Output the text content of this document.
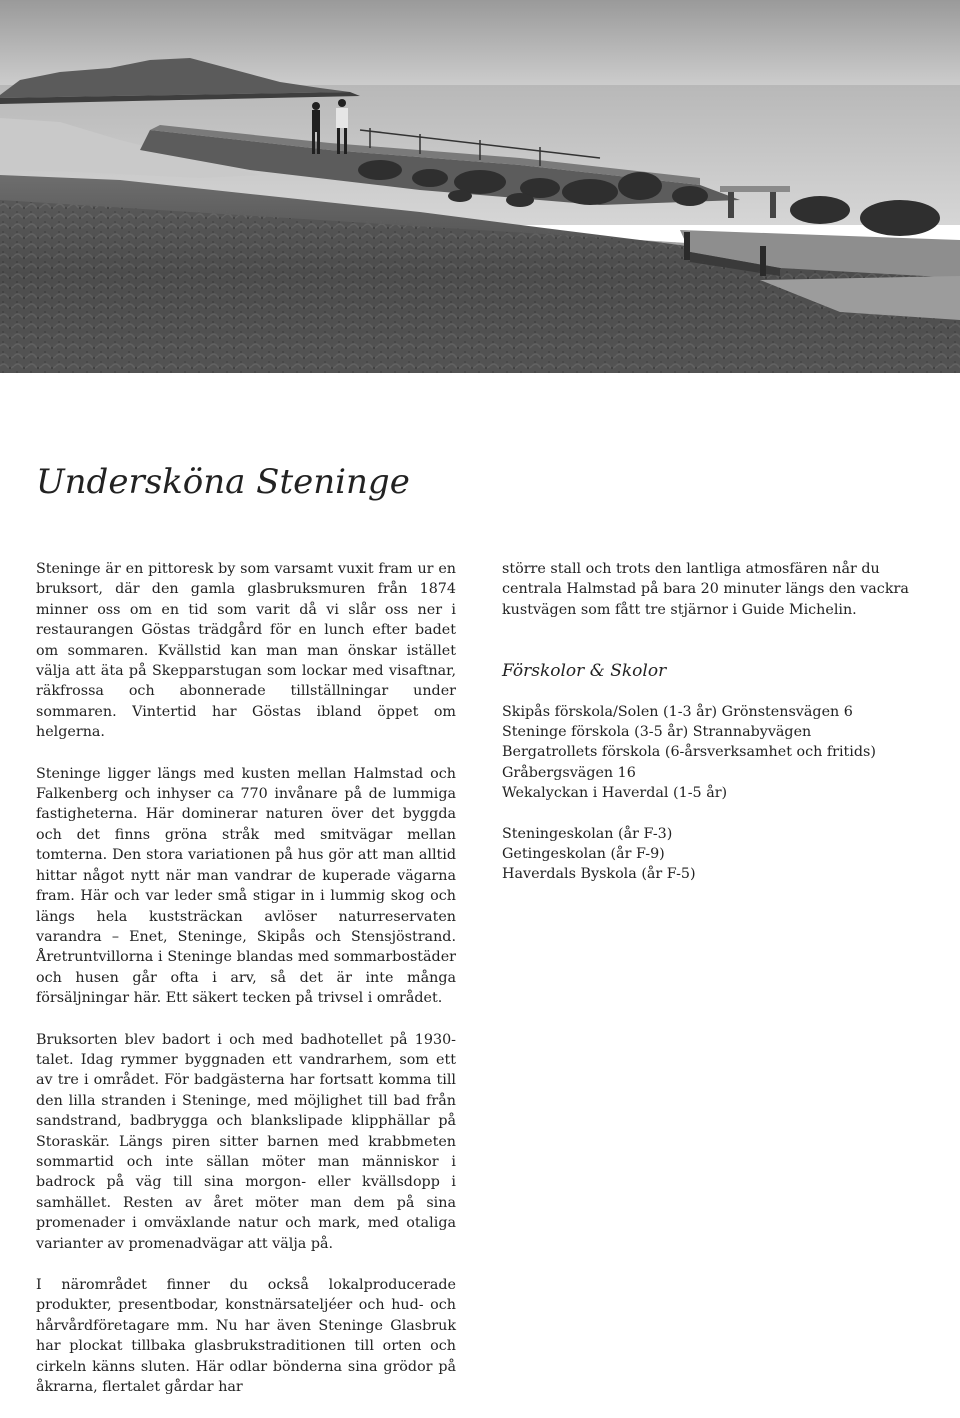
Underskӧna Steninge

Steninge är en pittoresk by som varsamt vuxit fram ur en bruksort, där den gamla glasbruksmuren från 1874 minner oss om en tid som varit då vi slår oss ner i restaurangen Göstas trädgård för en lunch efter badet om sommaren. Kvällstid kan man man önskar istället välja att äta på Skepparstugan som lockar med visaftnar, räkfrossa och abonnerade tillställningar under sommaren. Vintertid har Göstas ibland öppet om helgerna.

Steninge ligger längs med kusten mellan Halmstad och Falkenberg och inhyser ca 770 invånare på de lummiga fastigheterna. Här dominerar naturen över det byggda och det finns gröna stråk med smitvägar mellan tomterna. Den stora variationen på hus gör att man alltid hittar något nytt när man vandrar de kuperade vägarna fram. Här och var leder små stigar in i lummig skog och längs hela kuststräckan avlöser naturreservaten varandra – Enet, Steninge, Skipås och Stensjöstrand. Åretruntvillorna i Steninge blandas med sommarbostäder och husen går ofta i arv, så det är inte många försäljningar här. Ett säkert tecken på trivsel i området.

Bruksorten blev badort i och med badhotellet på 1930-talet. Idag rymmer byggnaden ett vandrarhem, som ett av tre i området. För badgästerna har fortsatt komma till den lilla stranden i Steninge, med möjlighet till bad från sandstrand, badbrygga och blankslipade klipphällar på Storaskär. Längs piren sitter barnen med krabbmeten sommartid och inte sällan möter man människor i badrock på väg till sina morgon- eller kvällsdopp i samhället. Resten av året möter man dem på sina promenader i omväxlande natur och mark, med otaliga varianter av promenadvägar att välja på.

I närområdet finner du också lokalproducerade produkter, presentbodar, konstnärsateljéer och hud- och hårvårdföretagare mm. Nu har även Steninge Glasbruk har plockat tillbaka glasbrukstraditionen till orten och cirkeln känns sluten. Här odlar bönderna sina grödor på åkrarna, flertalet gårdar har

större stall och trots den lantliga atmosfären når du centrala Halmstad på bara 20 minuter längs den vackra kustvägen som fått tre stjärnor i Guide Michelin.

Förskolor & Skolor
Skipås förskola/Solen (1-3 år) Grönstensvägen 6
Steninge förskola (3-5 år) Strannabyvägen
Bergatrollets förskola (6-årsverksamhet och fritids)
Gråbergsvägen 16
Wekalyckan i Haverdal (1-5 år)
Steningeskolan (år F-3)
Getingeskolan (år F-9)
Haverdals Byskola (år F-5)
